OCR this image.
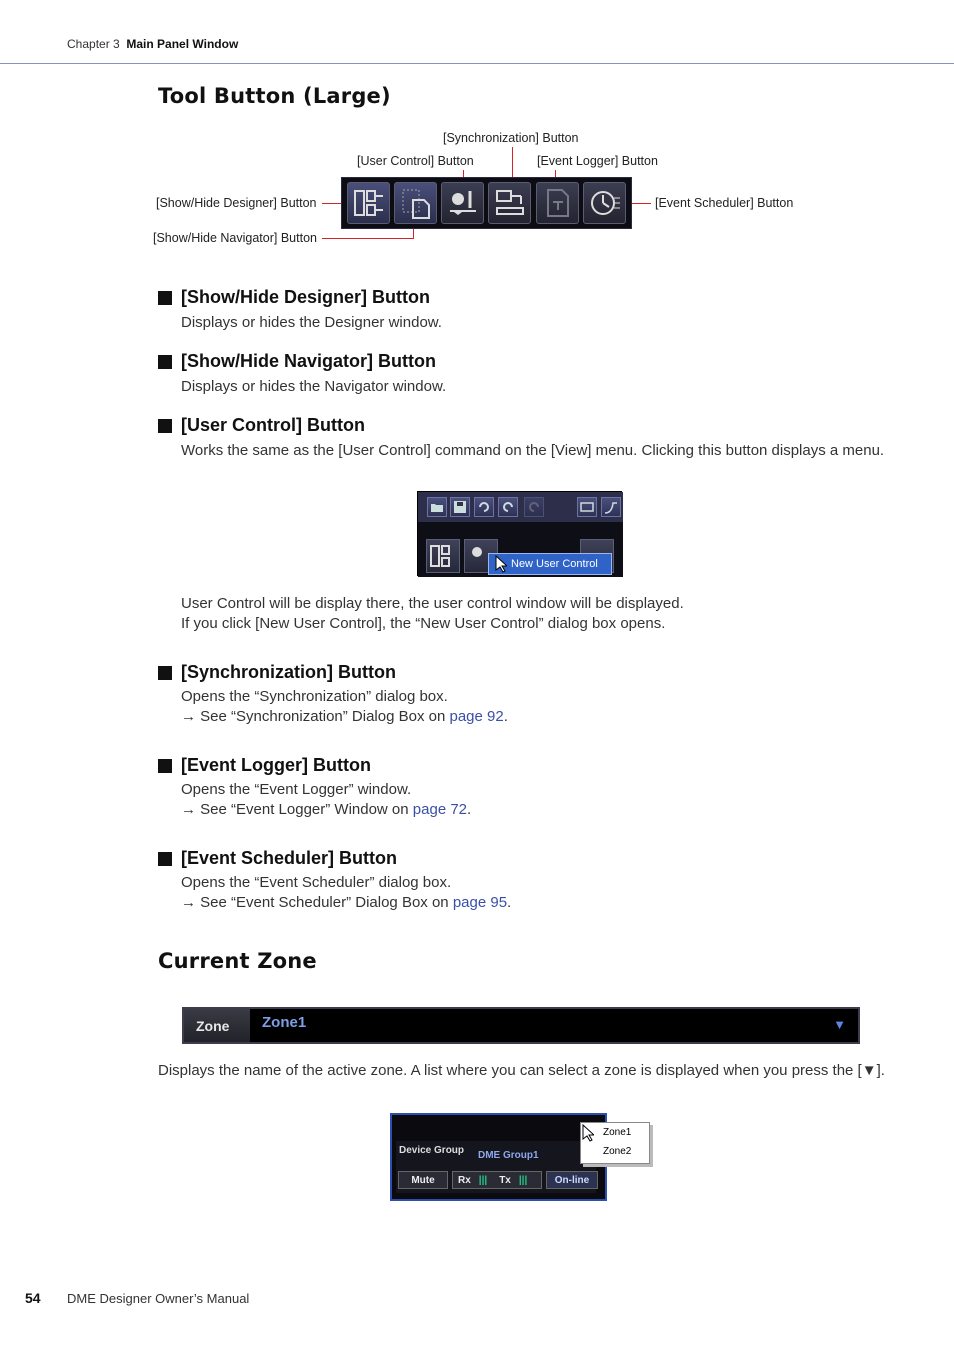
Chapter 3 Main Panel Window
Tool Button (Large)
[Synchronization] Button
[User Control] Button	[Event Logger] Button
[Show/Hide Designer] Button	[Event Scheduler] Button
[Show/Hide Navigator] Button
[Show/Hide Designer] Button
Displays or hides the Designer window.
[Show/Hide Navigator] Button
Displays or hides the Navigator window.
[User Control] Button
Works the same as the [User Control] command on the [View] menu. Clicking this button displays a menu.
New User Control
User Control will be display there, the user control window will be displayed.
If you click [New User Control], the “New User Control” dialog box opens.
[Synchronization] Button
Opens the “Synchronization” dialog box.
→ See “Synchronization” Dialog Box on page 92.
[Event Logger] Button
Opens the “Event Logger” window.
→ See “Event Logger” Window on page 72.
[Event Scheduler] Button
Opens the “Event Scheduler” dialog box.
→ See “Event Scheduler” Dialog Box on page 95.
Current Zone
Zone	Zone1	▼
Displays the name of the active zone. A list where you can select a zone is displayed when you press the [▼].
Device Group DME Group1
Mute	Rx ||| Tx |||	On-line
Zone1
Zone2
54 DME Designer Owner’s Manual
